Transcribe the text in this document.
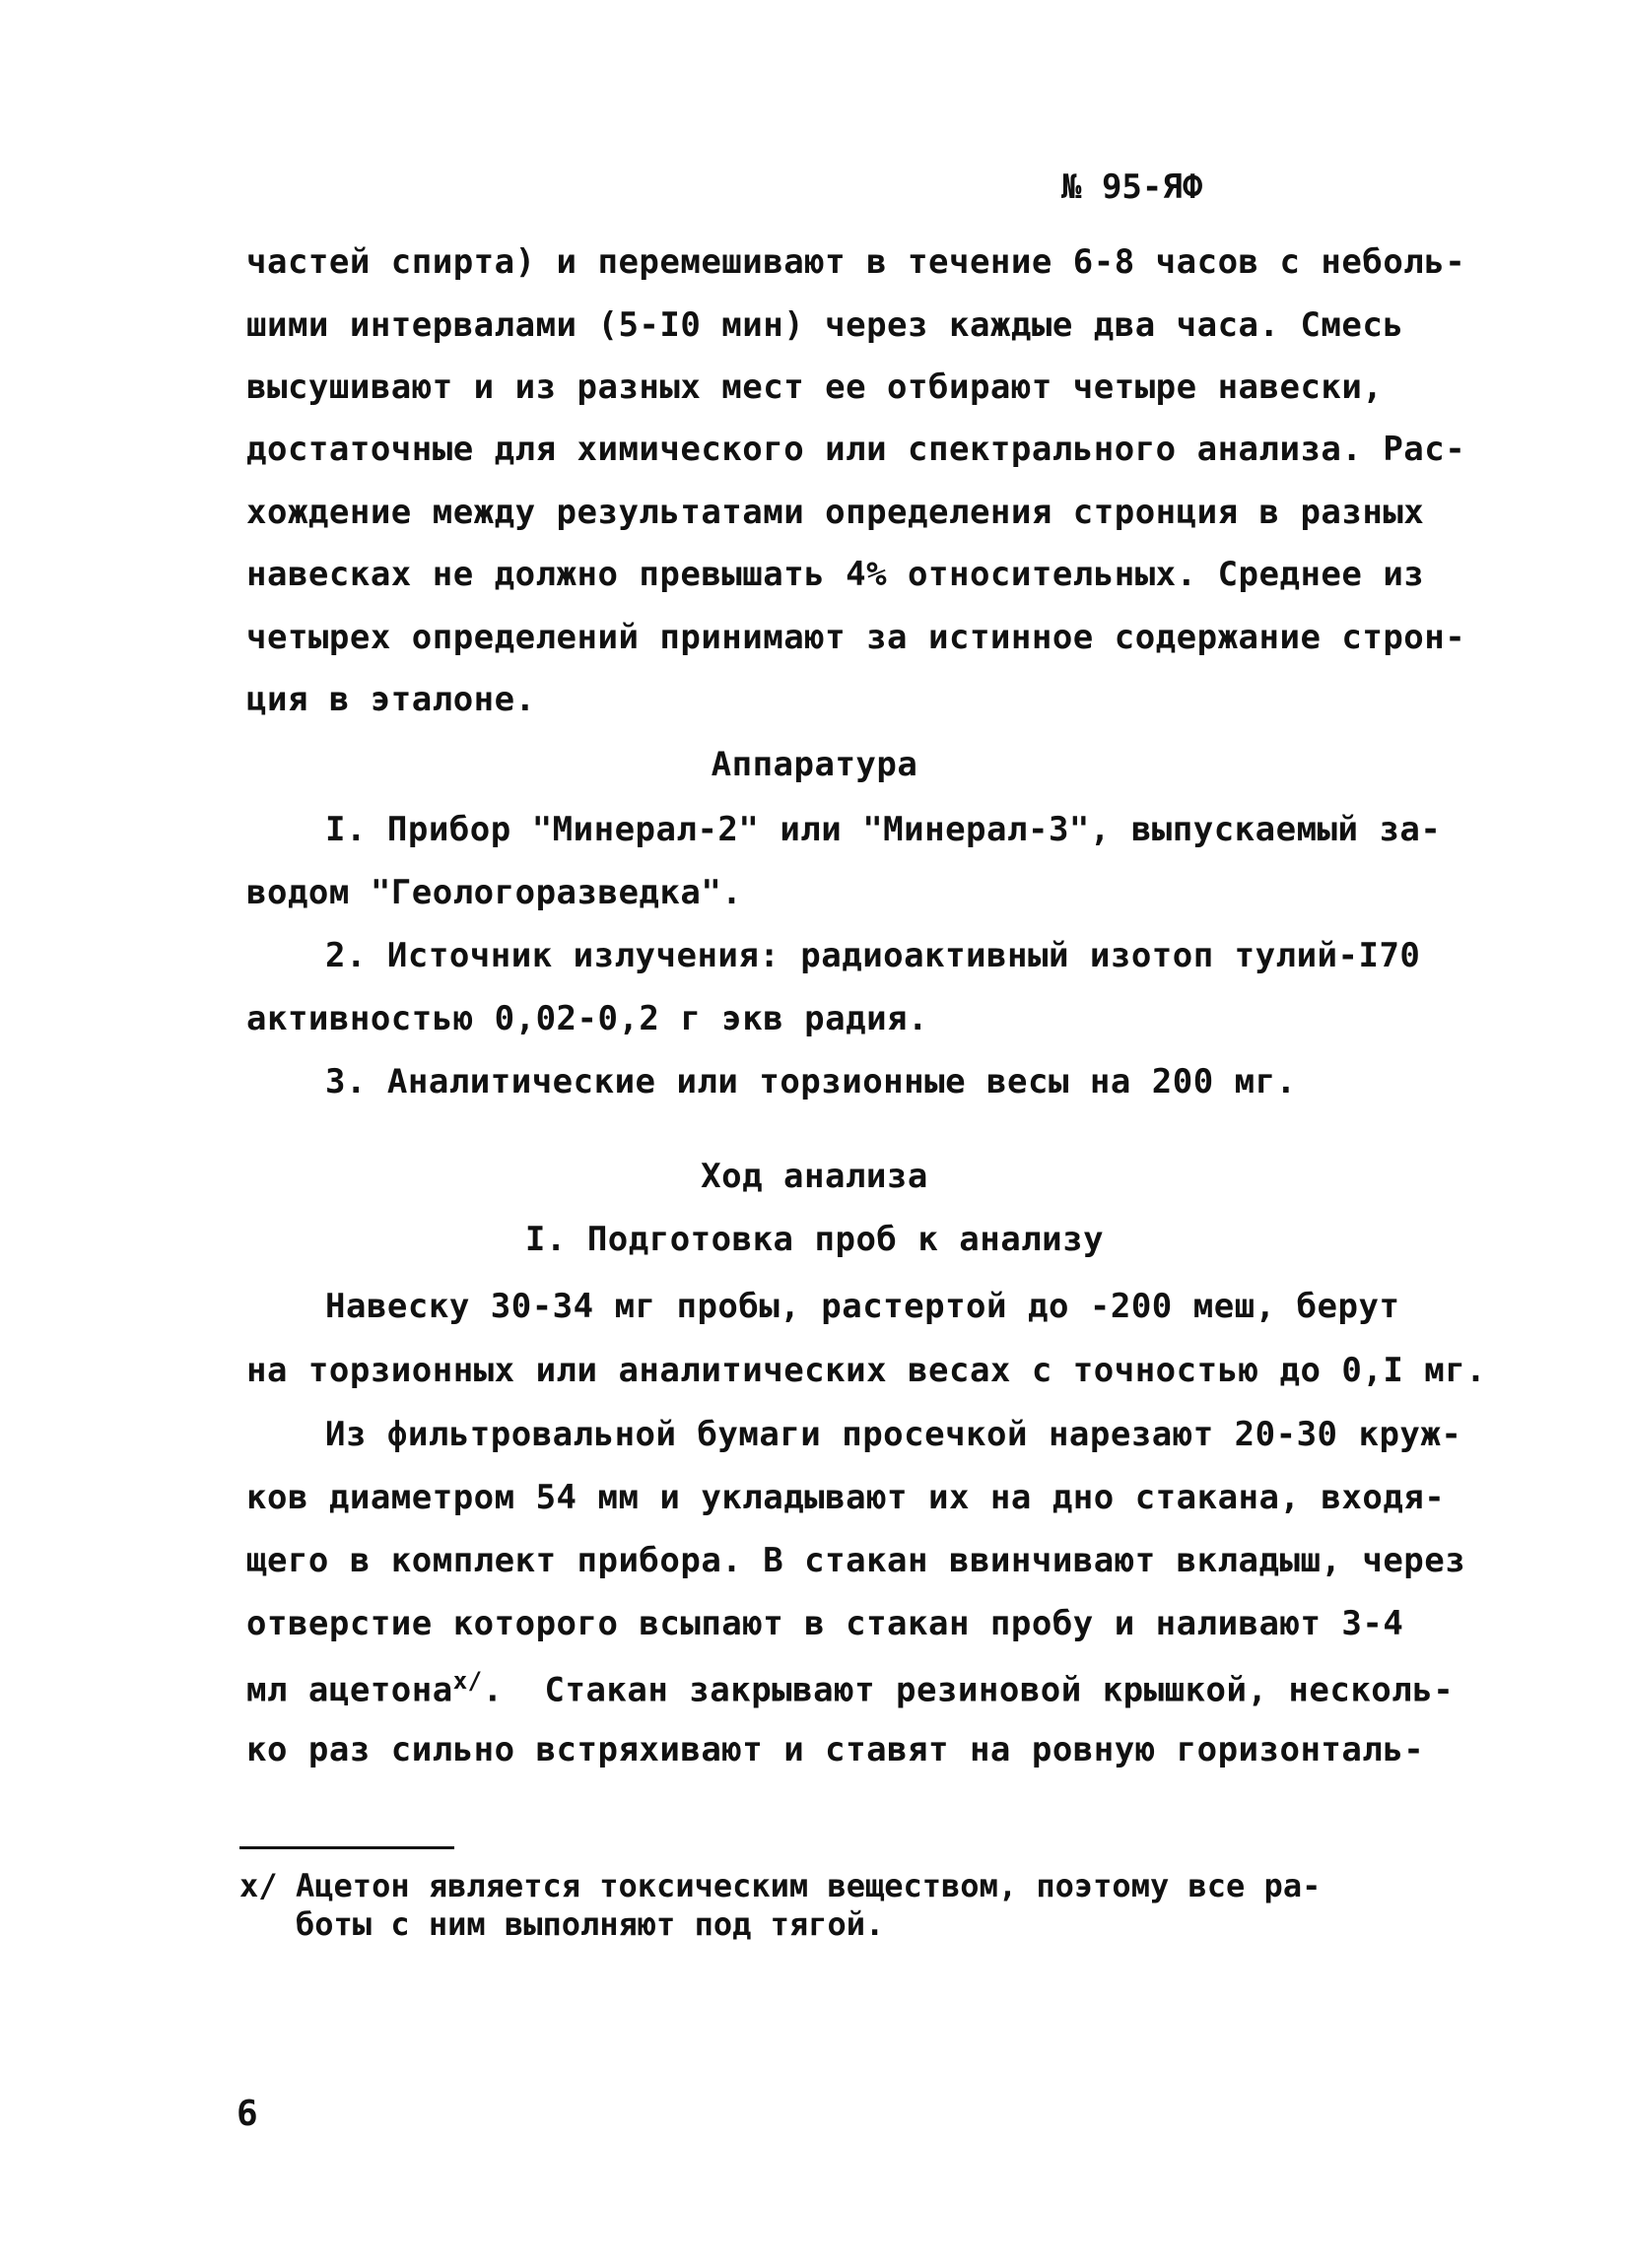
№ 95-ЯФ
частей спирта) и перемешивают в течение 6-8 часов с неболь-
шими интервалами (5-I0 мин) через каждые два часа. Смесь
высушивают и из разных мест ее отбирают четыре навески,
достаточные для химического или спектрального анализа. Рас-
хождение между результатами определения стронция в разных
навесках не должно превышать 4% относительных. Среднее из
четырех определений принимают за истинное содержание строн-
ция в эталоне.
Аппаратура
I. Прибор "Минерал-2" или "Минерал-3", выпускаемый за-
водом "Геологоразведка".
2. Источник излучения: радиоактивный изотоп тулий-I70
активностью 0,02-0,2 г экв радия.
3. Аналитические или торзионные весы на 200 мг.
Ход анализа
I. Подготовка проб к анализу
Навеску 30-34 мг пробы, растертой до -200 меш, берут
на торзионных или аналитических весах с точностью до 0,I мг.
Из фильтровальной бумаги просечкой нарезают 20-30 круж-
ков диаметром 54 мм и укладывают их на дно стакана, входя-
щего в комплект прибора. В стакан ввинчивают вкладыш, через
отверстие которого всыпают в стакан пробу и наливают 3-4
мл ацетона$^{x/}$.  Стакан закрывают резиновой крышкой, несколь-
ко раз сильно встряхивают и ставят на ровную горизонталь-
x/ Ацетон является токсическим веществом, поэтому все ра-
боты с ним выполняют под тягой.
6
